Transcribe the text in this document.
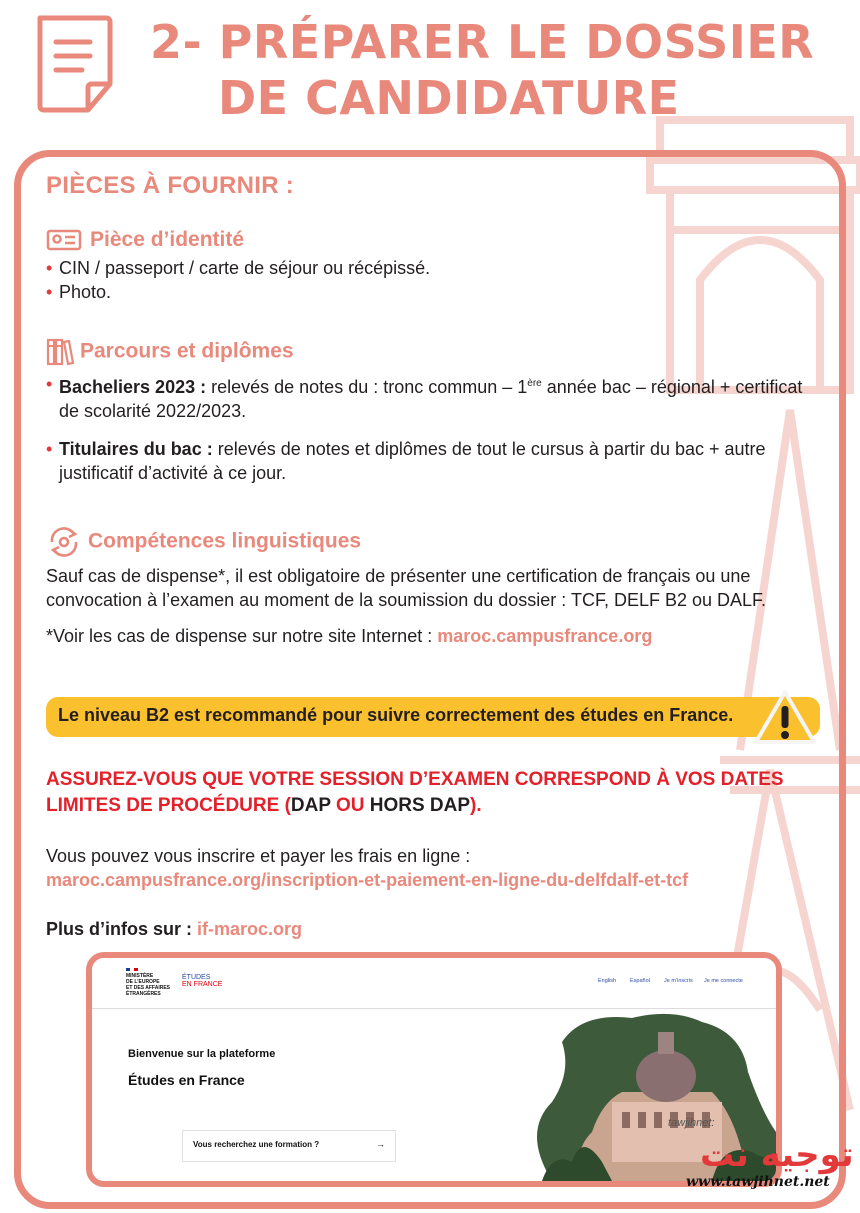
2- PRÉPARER LE DOSSIER
DE CANDIDATURE
PIÈCES À FOURNIR :
Pièce d’identité
• CIN / passeport / carte de séjour ou récépissé.
• Photo.
Parcours et diplômes
• Bacheliers 2023 : relevés de notes du : tronc commun – 1ère année bac – régional + certificat de scolarité 2022/2023.
• Titulaires du bac : relevés de notes et diplômes de tout le cursus à partir du bac + autre justificatif d’activité à ce jour.
Compétences linguistiques

Sauf cas de dispense*, il est obligatoire de présenter une certification de français ou une convocation à l’examen au moment de la soumission du dossier : TCF, DELF B2 ou DALF.

*Voir les cas de dispense sur notre site Internet : maroc.campusfrance.org

Le niveau B2 est recommandé pour suivre correctement des études en France.
ASSUREZ-VOUS QUE VOTRE SESSION D’EXAMEN CORRESPOND À VOS DATES LIMITES DE PROCÉDURE (DAP OU HORS DAP).
Vous pouvez vous inscrire et payer les frais en ligne :
maroc.campusfrance.org/inscription-et-paiement-en-ligne-du-delfdalf-et-tcf
Plus d’infos sur : if-maroc.org
MINISTÈRE
DE L’EUROPE
ET DES AFFAIRES
ÉTRANGÈRES
ÉTUDES
EN FRANCE	English	Español	Je m’inscris Je me connecte
Bienvenue sur la plateforme
Études en France
Vous recherchez une formation ?	→
tawjihnet:
توجيه نت
www.tawjihnet.net
